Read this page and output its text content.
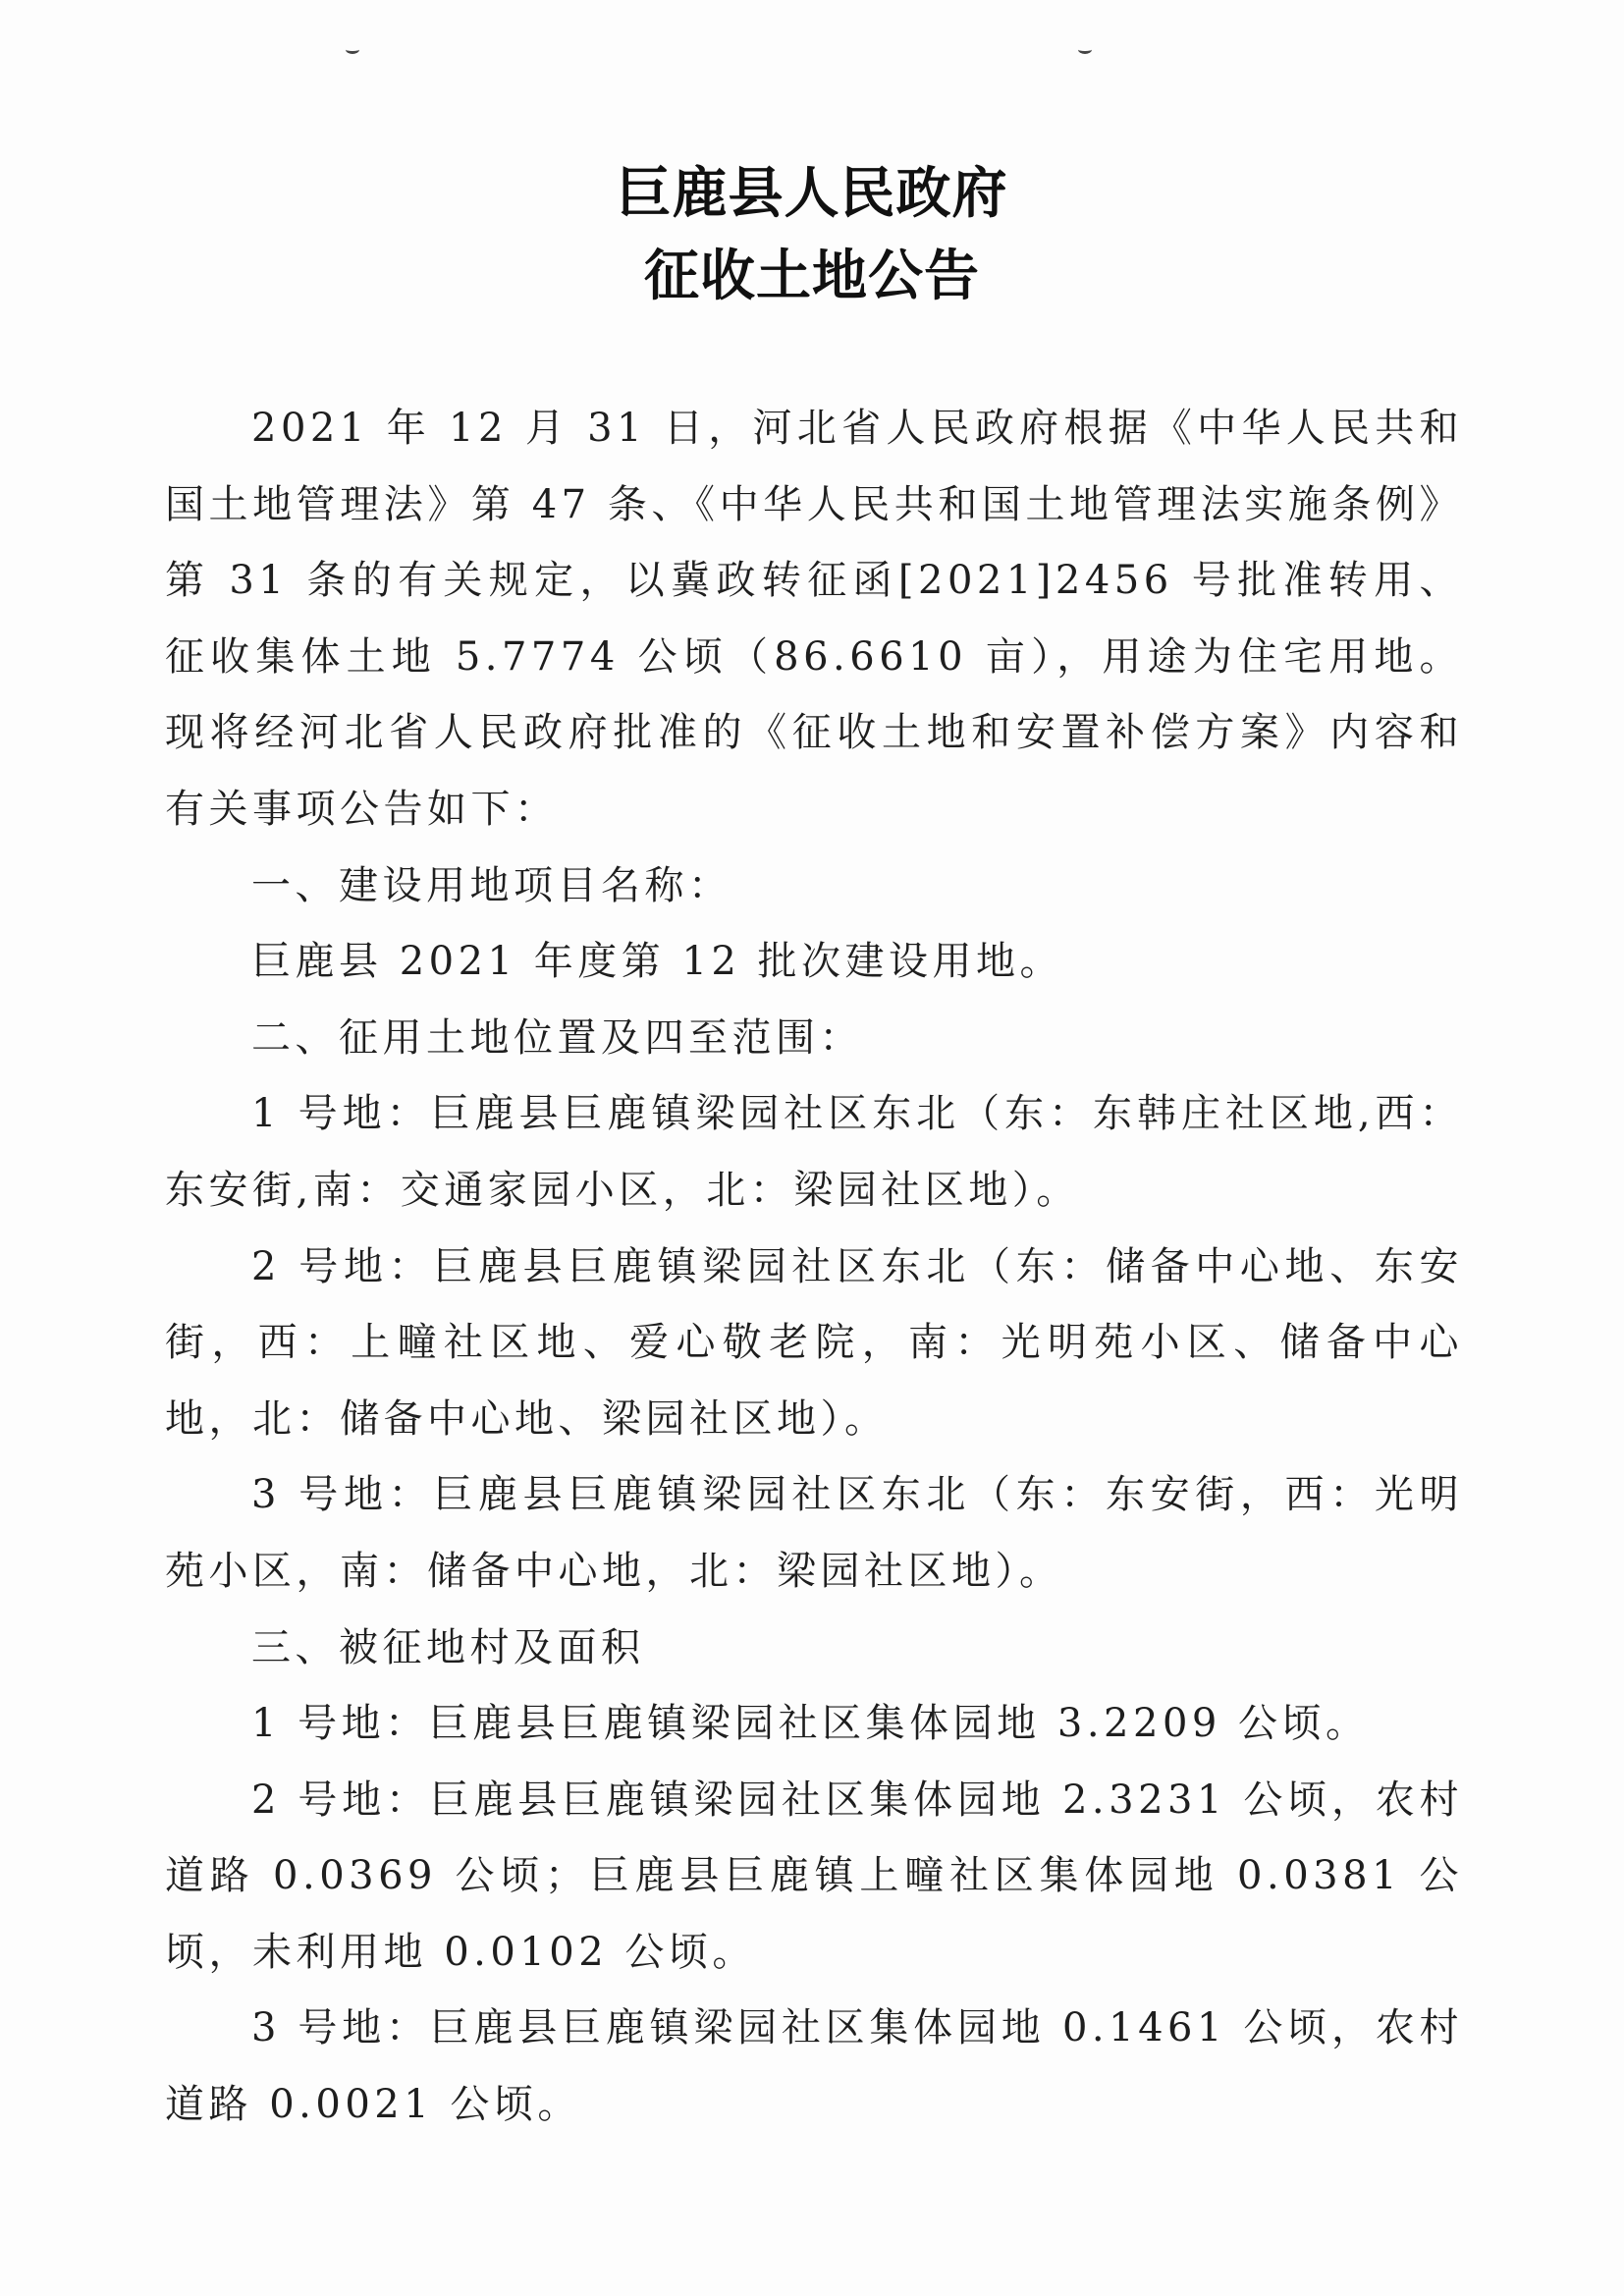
巨鹿县人民政府
征收土地公告

2021 年 12 月 31 日，河北省人民政府根据《中华人民共和国土地管理法》第 47 条、《中华人民共和国土地管理法实施条例》第 31 条的有关规定，以冀政转征函[2021]2456 号批准转用、征收集体土地 5.7774 公顷（86.6610 亩），用途为住宅用地。现将经河北省人民政府批准的《征收土地和安置补偿方案》内容和有关事项公告如下：

一、建设用地项目名称：

巨鹿县 2021 年度第 12 批次建设用地。

二、征用土地位置及四至范围：

1 号地：巨鹿县巨鹿镇梁园社区东北（东：东韩庄社区地,西：东安街,南：交通家园小区，北：梁园社区地）。

2 号地：巨鹿县巨鹿镇梁园社区东北（东：储备中心地、东安街，西：上疃社区地、爱心敬老院，南：光明苑小区、储备中心地，北：储备中心地、梁园社区地）。

3 号地：巨鹿县巨鹿镇梁园社区东北（东：东安街，西：光明苑小区，南：储备中心地，北：梁园社区地）。

三、被征地村及面积

1 号地：巨鹿县巨鹿镇梁园社区集体园地 3.2209 公顷。

2 号地：巨鹿县巨鹿镇梁园社区集体园地 2.3231 公顷，农村道路 0.0369 公顷；巨鹿县巨鹿镇上疃社区集体园地 0.0381 公顷，未利用地 0.0102 公顷。

3 号地：巨鹿县巨鹿镇梁园社区集体园地 0.1461 公顷，农村道路 0.0021 公顷。
